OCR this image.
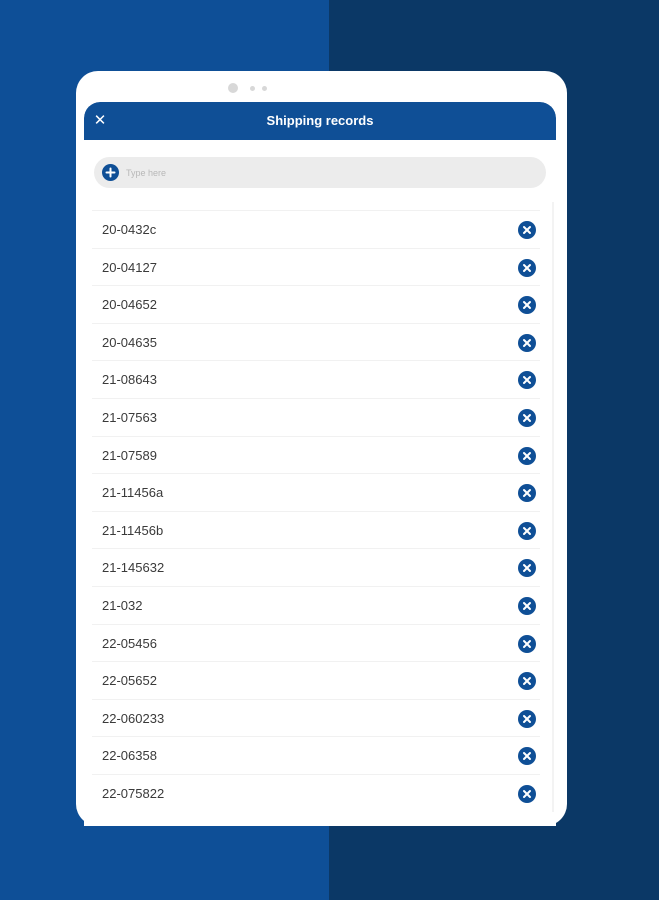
✕	Shipping records
Type here
20-0432c
20-04127
20-04652
20-04635
21-08643
21-07563
21-07589
21-11456a
21-11456b
21-145632
21-032
22-05456
22-05652
22-060233
22-06358
22-075822
